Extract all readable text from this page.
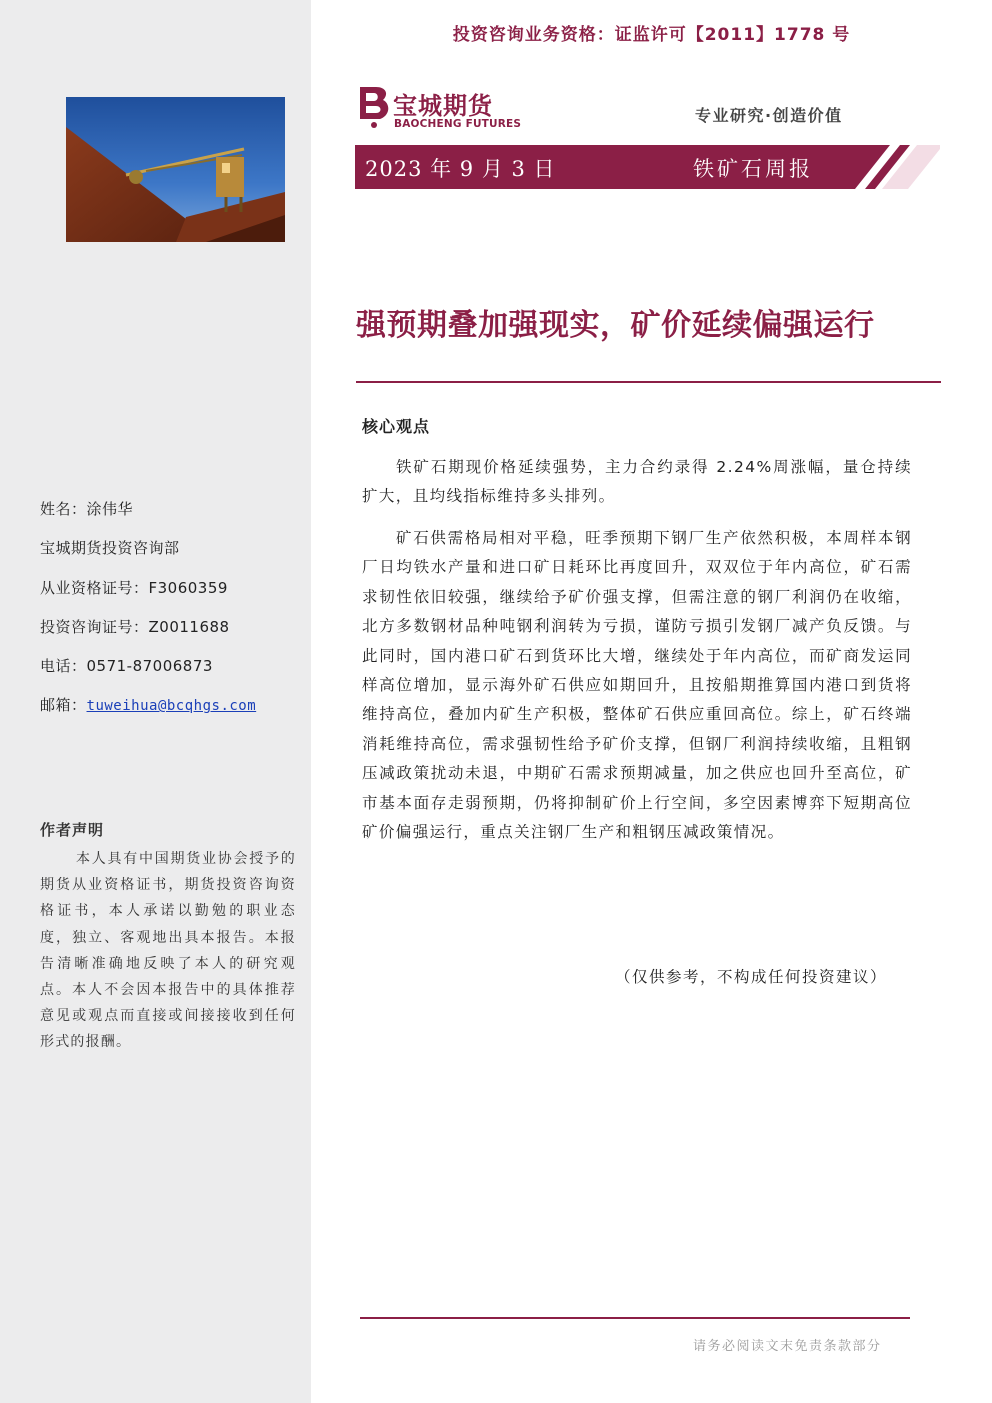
姓名：涂伟华
宝城期货投资咨询部
从业资格证号：F3060359
投资咨询证号：Z0011688
电话：0571-87006873
邮箱：tuweihua@bcqhgs.com
作者声明

本人具有中国期货业协会授予的期货从业资格证书，期货投资咨询资格证书，本人承诺以勤勉的职业态度，独立、客观地出具本报告。本报告清晰准确地反映了本人的研究观点。本人不会因本报告中的具体推荐意见或观点而直接或间接接收到任何形式的报酬。

投资咨询业务资格：证监许可【2011】1778 号
宝城期货
BAOCHENG FUTURES	专业研究·创造价值
2023 年 9 月 3 日	铁矿石周报
强预期叠加强现实，矿价延续偏强运行
核心观点

铁矿石期现价格延续强势，主力合约录得 2.24%周涨幅，量仓持续扩大，且均线指标维持多头排列。

矿石供需格局相对平稳，旺季预期下钢厂生产依然积极，本周样本钢厂日均铁水产量和进口矿日耗环比再度回升，双双位于年内高位，矿石需求韧性依旧较强，继续给予矿价强支撑，但需注意的钢厂利润仍在收缩，北方多数钢材品种吨钢利润转为亏损，谨防亏损引发钢厂减产负反馈。与此同时，国内港口矿石到货环比大增，继续处于年内高位，而矿商发运同样高位增加，显示海外矿石供应如期回升，且按船期推算国内港口到货将维持高位，叠加内矿生产积极，整体矿石供应重回高位。综上，矿石终端消耗维持高位，需求强韧性给予矿价支撑，但钢厂利润持续收缩，且粗钢压减政策扰动未退，中期矿石需求预期减量，加之供应也回升至高位，矿市基本面存走弱预期，仍将抑制矿价上行空间，多空因素博弈下短期高位矿价偏强运行，重点关注钢厂生产和粗钢压减政策情况。

（仅供参考，不构成任何投资建议）
请务必阅读文末免责条款部分
